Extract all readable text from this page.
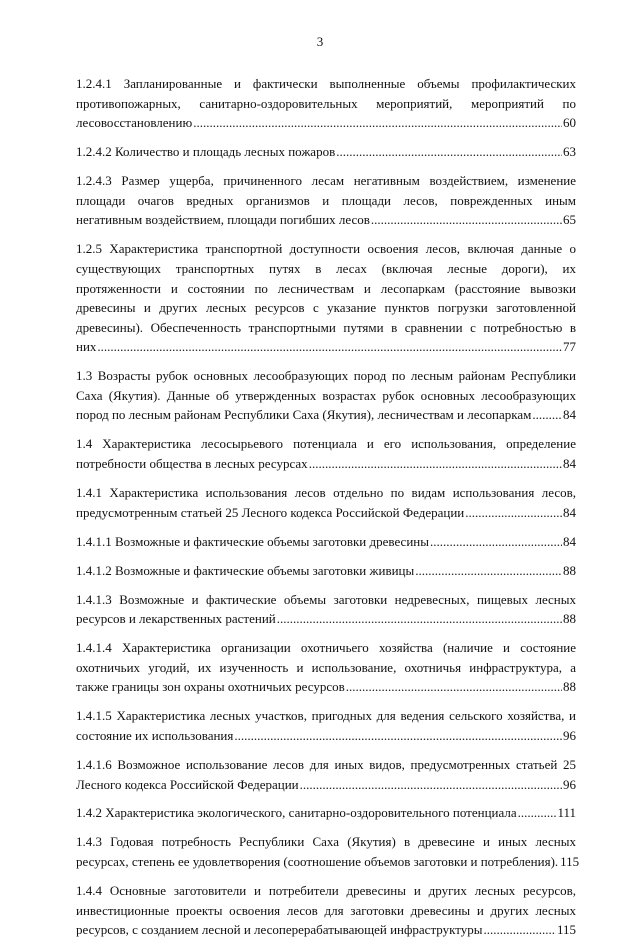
3
1.2.4.1 Запланированные и фактически выполненные объемы профилактических
противопожарных, санитарно-оздоровительных мероприятий, мероприятий по
лесовосстановлению .....	60
1.2.4.2 Количество и площадь лесных пожаров .....	63
1.2.4.3 Размер ущерба, причиненного лесам негативным воздействием, изменение
площади очагов вредных организмов и площади лесов, поврежденных иным
негативным воздействием, площади погибших лесов .....	65
1.2.5 Характеристика транспортной доступности освоения лесов, включая данные о
существующих транспортных путях в лесах (включая лесные дороги), их
протяженности и состоянии по лесничествам и лесопаркам (расстояние вывозки
древесины и других лесных ресурсов с указание пунктов погрузки заготовленной
древесины). Обеспеченность транспортными путями в сравнении с потребностью в
них .....	77
1.3 Возрасты рубок основных лесообразующих пород по лесным районам Республики
Саха (Якутия). Данные об утвержденных возрастах рубок основных лесообразующих
пород по лесным районам Республики Саха (Якутия), лесничествам и лесопаркам ..... 84
1.4 Характеристика лесосырьевого потенциала и его использования, определение
потребности общества в лесных ресурсах .....	84
1.4.1 Характеристика использования лесов отдельно по видам использования лесов,
предусмотренным статьей 25 Лесного кодекса Российской Федерации .....	84
1.4.1.1 Возможные и фактические объемы заготовки древесины .....	84
1.4.1.2 Возможные и фактические объемы заготовки живицы .....	88
1.4.1.3 Возможные и фактические объемы заготовки недревесных, пищевых лесных
ресурсов и лекарственных растений .....	88
1.4.1.4 Характеристика организации охотничьего хозяйства (наличие и состояние
охотничьих угодий, их изученность и использование, охотничья инфраструктура, а
также границы зон охраны охотничьих ресурсов .....	88
1.4.1.5 Характеристика лесных участков, пригодных для ведения сельского хозяйства, и
состояние их использования .....	96
1.4.1.6 Возможное использование лесов для иных видов, предусмотренных статьей 25
Лесного кодекса Российской Федерации .....	96
1.4.2 Характеристика экологического, санитарно-оздоровительного потенциала .....	111
1.4.3 Годовая потребность Республики Саха (Якутия) в древесине и иных лесных
ресурсах, степень ее удовлетворения (соотношение объемов заготовки и потребления). 115
1.4.4 Основные заготовители и потребители древесины и других лесных ресурсов,
инвестиционные проекты освоения лесов для заготовки древесины и других лесных
ресурсов, с созданием лесной и лесоперерабатывающей инфраструктуры .....	115
